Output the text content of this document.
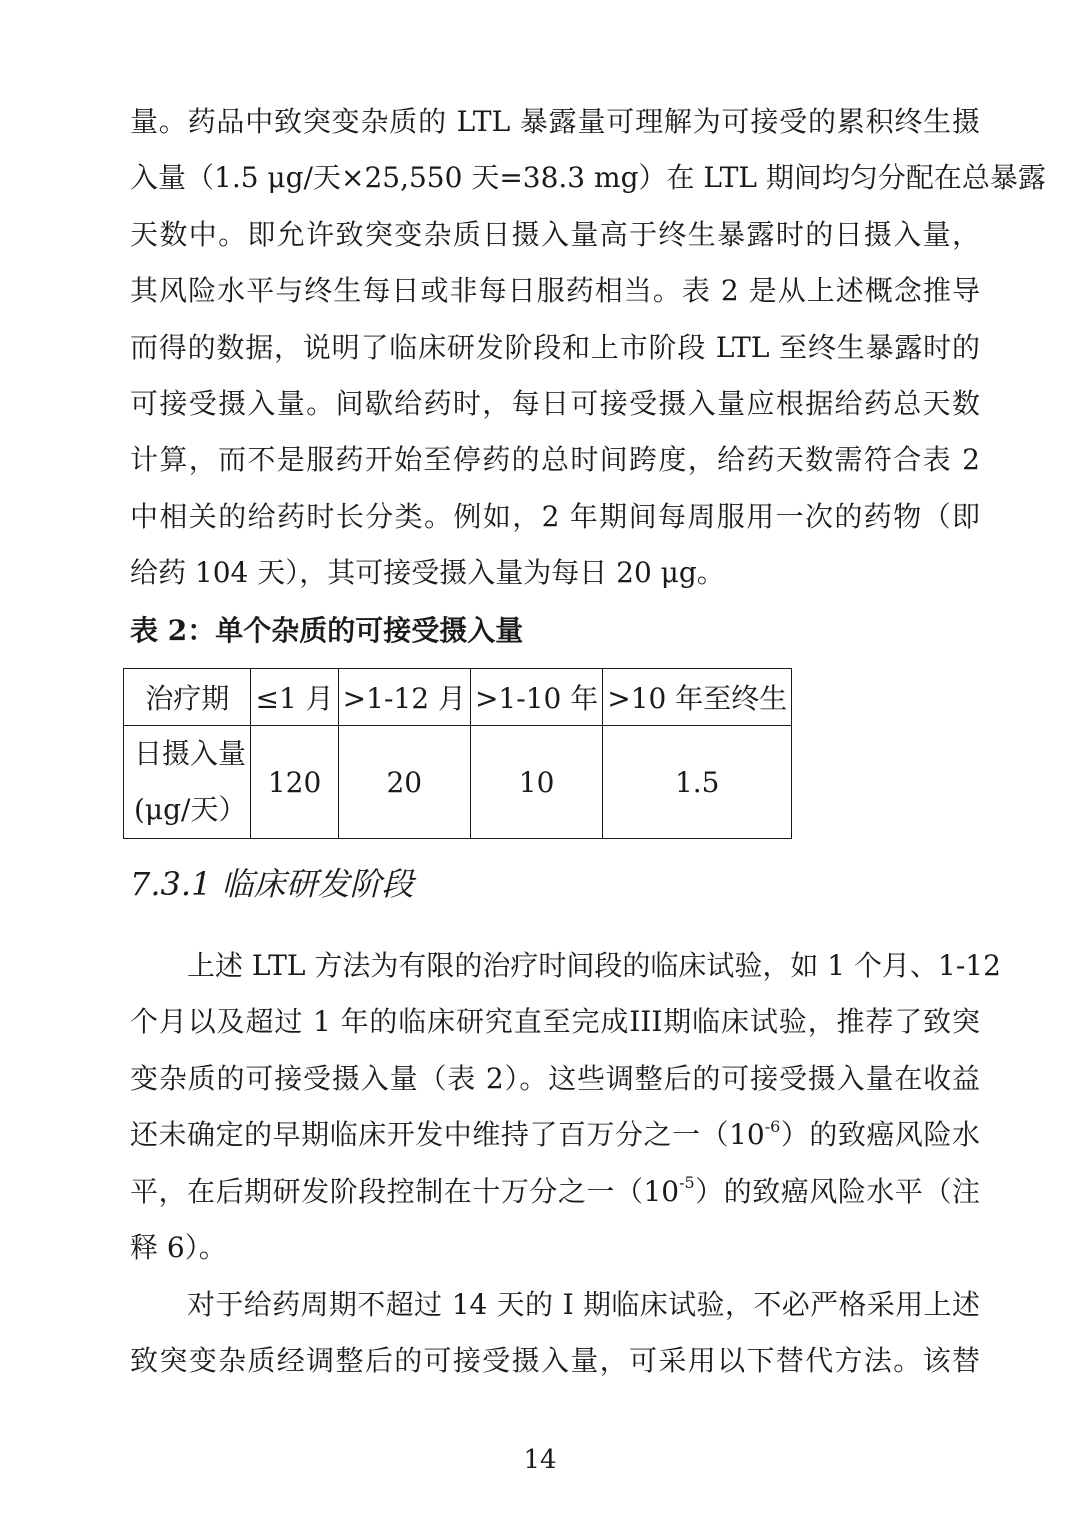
量。药品中致突变杂质的 LTL 暴露量可理解为可接受的累积终生摄
入量（1.5 μg/天×25,550 天=38.3 mg）在 LTL 期间均匀分配在总暴露
天数中。即允许致突变杂质日摄入量高于终生暴露时的日摄入量，
其风险水平与终生每日或非每日服药相当。表 2 是从上述概念推导
而得的数据，说明了临床研发阶段和上市阶段 LTL 至终生暴露时的
可接受摄入量。间歇给药时，每日可接受摄入量应根据给药总天数
计算，而不是服药开始至停药的总时间跨度，给药天数需符合表 2
中相关的给药时长分类。例如，2 年期间每周服用一次的药物（即
给药 104 天），其可接受摄入量为每日 20 μg。
表 2：单个杂质的可接受摄入量
治疗期	≤1 月	>1-12 月	>1-10 年	>10 年至终生

日摄入量
(μg/天）	120	20	10	1.5
7.3.1 临床研发阶段
上述 LTL 方法为有限的治疗时间段的临床试验，如 1 个月、1-12
个月以及超过 1 年的临床研究直至完成III期临床试验，推荐了致突
变杂质的可接受摄入量（表 2）。这些调整后的可接受摄入量在收益
还未确定的早期临床开发中维持了百万分之一$(10^{-6})$的致癌风险水
平，在后期研发阶段控制在十万分之一$(10^{-5})$的致癌风险水平（注
释 6）。
对于给药周期不超过 14 天的 I 期临床试验，不必严格采用上述
致突变杂质经调整后的可接受摄入量，可采用以下替代方法。该替
14
